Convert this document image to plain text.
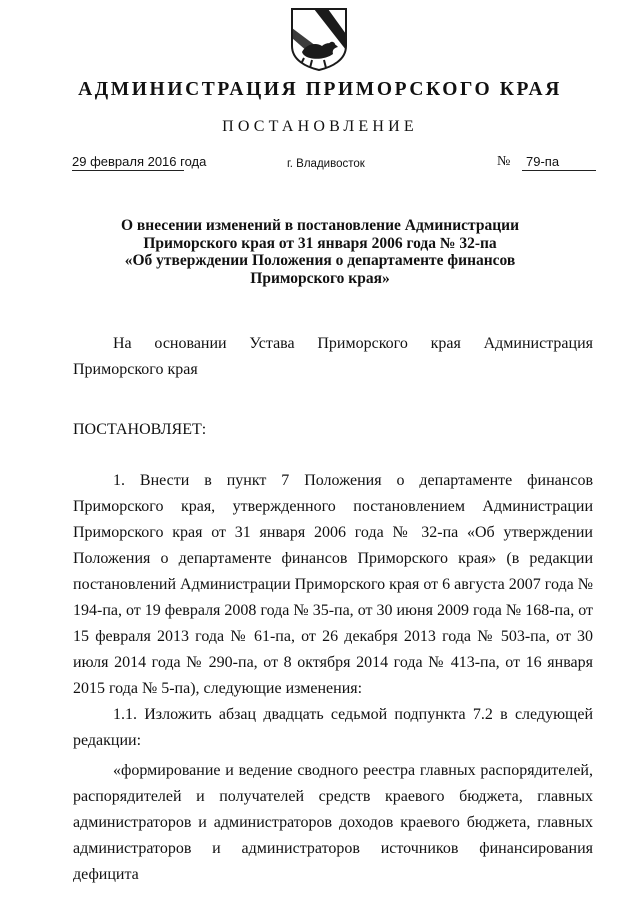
АДМИНИСТРАЦИЯ ПРИМОРСКОГО КРАЯ
ПОСТАНОВЛЕНИЕ
29 февраля 2016 года	г. Владивосток	№	79-па
О внесении изменений в постановление Администрации
Приморского края от 31 января 2006 года № 32-па
«Об утверждении Положения о департаменте финансов
Приморского края»

На основании Устава Приморского края Администрация Приморского края

ПОСТАНОВЛЯЕТ:

1. Внести в пункт 7 Положения о департаменте финансов Приморского края, утвержденного постановлением Администрации Приморского края от 31 января 2006 года № 32-па «Об утверждении Положения о департаменте финансов Приморского края» (в редакции постановлений Администрации Приморского края от 6 августа 2007 года № 194-па, от 19 февраля 2008 года № 35-па, от 30 июня 2009 года № 168-па, от 15 февраля 2013 года № 61-па, от 26 декабря 2013 года № 503-па, от 30 июля 2014 года № 290-па, от 8 октября 2014 года № 413-па, от 16 января 2015 года № 5-па), следующие изменения:

1.1. Изложить абзац двадцать седьмой подпункта 7.2 в следующей редакции:

«формирование и ведение сводного реестра главных распорядителей, распорядителей и получателей средств краевого бюджета, главных администраторов и администраторов доходов краевого бюджета, главных администраторов и администраторов источников финансирования дефицита
